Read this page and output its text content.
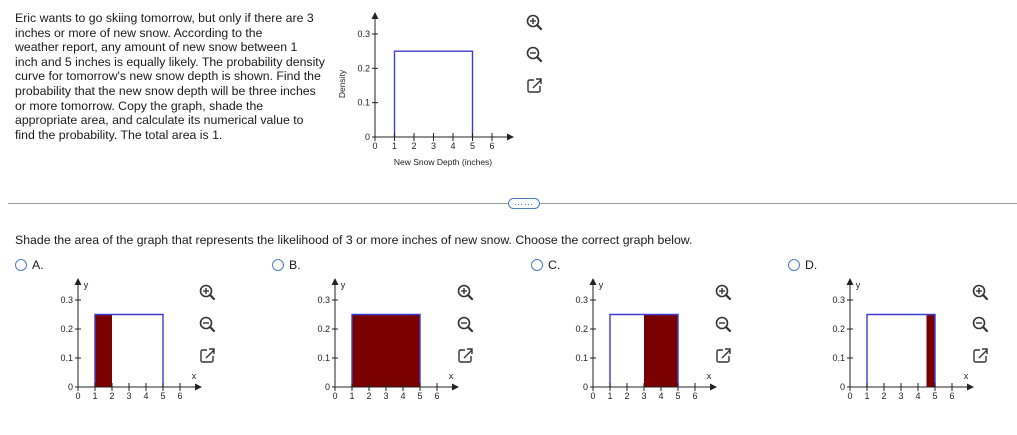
Eric wants to go skiing tomorrow, but only if there are 3
inches or more of new snow. According to the
weather report, any amount of new snow between 1
inch and 5 inches is equally likely. The probability density
curve for tomorrow's new snow depth is shown. Find the
probability that the new snow depth will be three inches
or more tomorrow. Copy the graph, shade the
appropriate area, and calculate its numerical value to
find the probability. The total area is 1.
0 1 2 3 4 5 6
0
0.1
0.2
0.3
Density
New Snow Depth (inches)
……
Shade the area of the graph that represents the likelihood of 3 or more inches of new snow. Choose the correct graph below.
A.	B.	C.	D.
0 1 2 3 4 5 6
0
0.1
0.2
0.3
x
y
0 1 2 3 4 5 6
0
0.1
0.2
0.3
x
y
0 1 2 3 4 5 6
0
0.1
0.2
0.3
x
y
0 1 2 3 4 5 6
0
0.1
0.2
0.3
x
y
